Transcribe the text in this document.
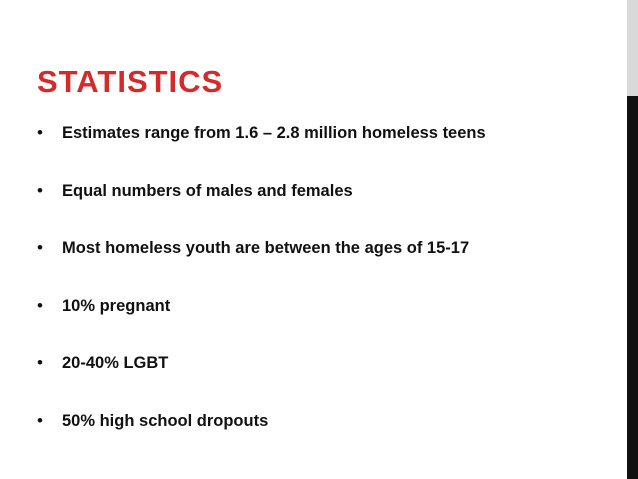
STATISTICS
•	Estimates range from 1.6 – 2.8 million homeless teens
•	Equal numbers of males and females
•	Most homeless youth are between the ages of 15-17
•	10% pregnant
•	20-40% LGBT
•	50% high school dropouts
